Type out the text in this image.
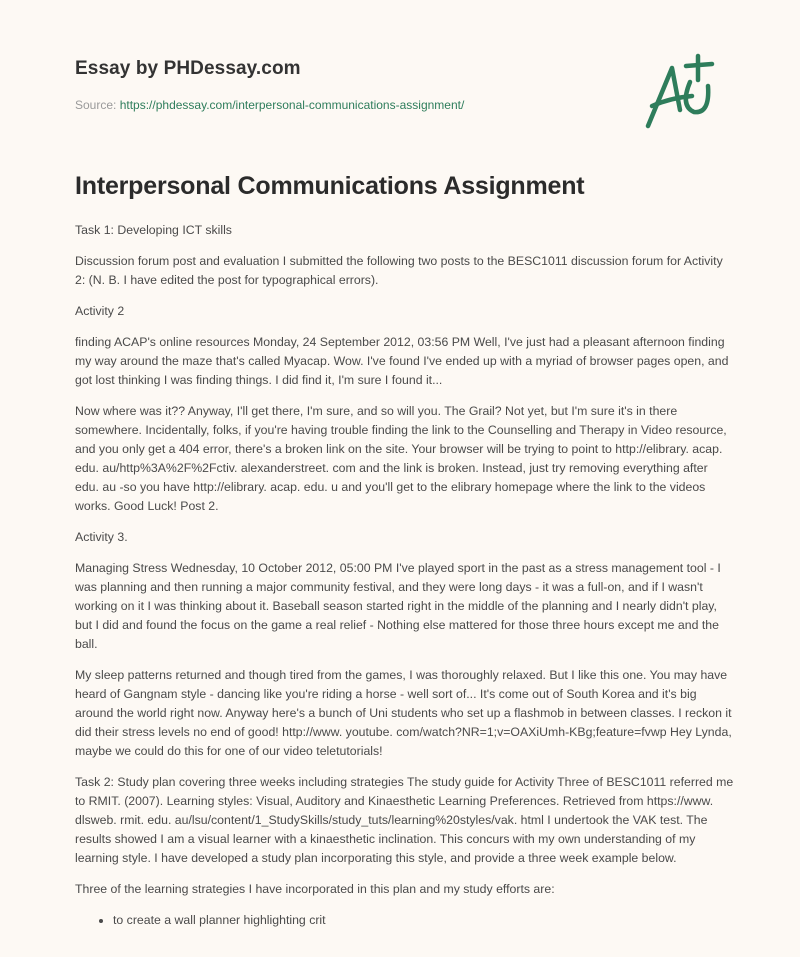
Essay by PHDessay.com
Source: https://phdessay.com/interpersonal-communications-assignment/
Interpersonal Communications Assignment

Task 1: Developing ICT skills

Discussion forum post and evaluation I submitted the following two posts to the BESC1011 discussion forum for Activity 2: (N. B. I have edited the post for typographical errors).

Activity 2

finding ACAP's online resources Monday, 24 September 2012, 03:56 PM Well, I've just had a pleasant afternoon finding my way around the maze that's called Myacap. Wow. I've found I've ended up with a myriad of browser pages open, and got lost thinking I was finding things. I did find it, I'm sure I found it...

Now where was it?? Anyway, I'll get there, I'm sure, and so will you. The Grail? Not yet, but I'm sure it's in there somewhere. Incidentally, folks, if you're having trouble finding the link to the Counselling and Therapy in Video resource, and you only get a 404 error, there's a broken link on the site. Your browser will be trying to point to http://elibrary. acap. edu. au/http%3A%2F%2Fctiv. alexanderstreet. com and the link is broken. Instead, just try removing everything after edu. au -so you have http://elibrary. acap. edu. u and you'll get to the elibrary homepage where the link to the videos works. Good Luck! Post 2.

Activity 3.

Managing Stress Wednesday, 10 October 2012, 05:00 PM I've played sport in the past as a stress management tool - I was planning and then running a major community festival, and they were long days - it was a full-on, and if I wasn't working on it I was thinking about it. Baseball season started right in the middle of the planning and I nearly didn't play, but I did and found the focus on the game a real relief - Nothing else mattered for those three hours except me and the ball.

My sleep patterns returned and though tired from the games, I was thoroughly relaxed. But I like this one. You may have heard of Gangnam style - dancing like you're riding a horse - well sort of... It's come out of South Korea and it's big around the world right now. Anyway here's a bunch of Uni students who set up a flashmob in between classes. I reckon it did their stress levels no end of good! http://www. youtube. com/watch?NR=1;v=OAXiUmh-KBg;feature=fvwp Hey Lynda, maybe we could do this for one of our video teletutorials!

Task 2: Study plan covering three weeks including strategies The study guide for Activity Three of BESC1011 referred me to RMIT. (2007). Learning styles: Visual, Auditory and Kinaesthetic Learning Preferences. Retrieved from https://www. dlsweb. rmit. edu. au/lsu/content/1_StudySkills/study_tuts/learning%20styles/vak. html I undertook the VAK test. The results showed I am a visual learner with a kinaesthetic inclination. This concurs with my own understanding of my learning style. I have developed a study plan incorporating this style, and provide a three week example below.

Three of the learning strategies I have incorporated in this plan and my study efforts are:

• to create a wall planner highlighting crit
